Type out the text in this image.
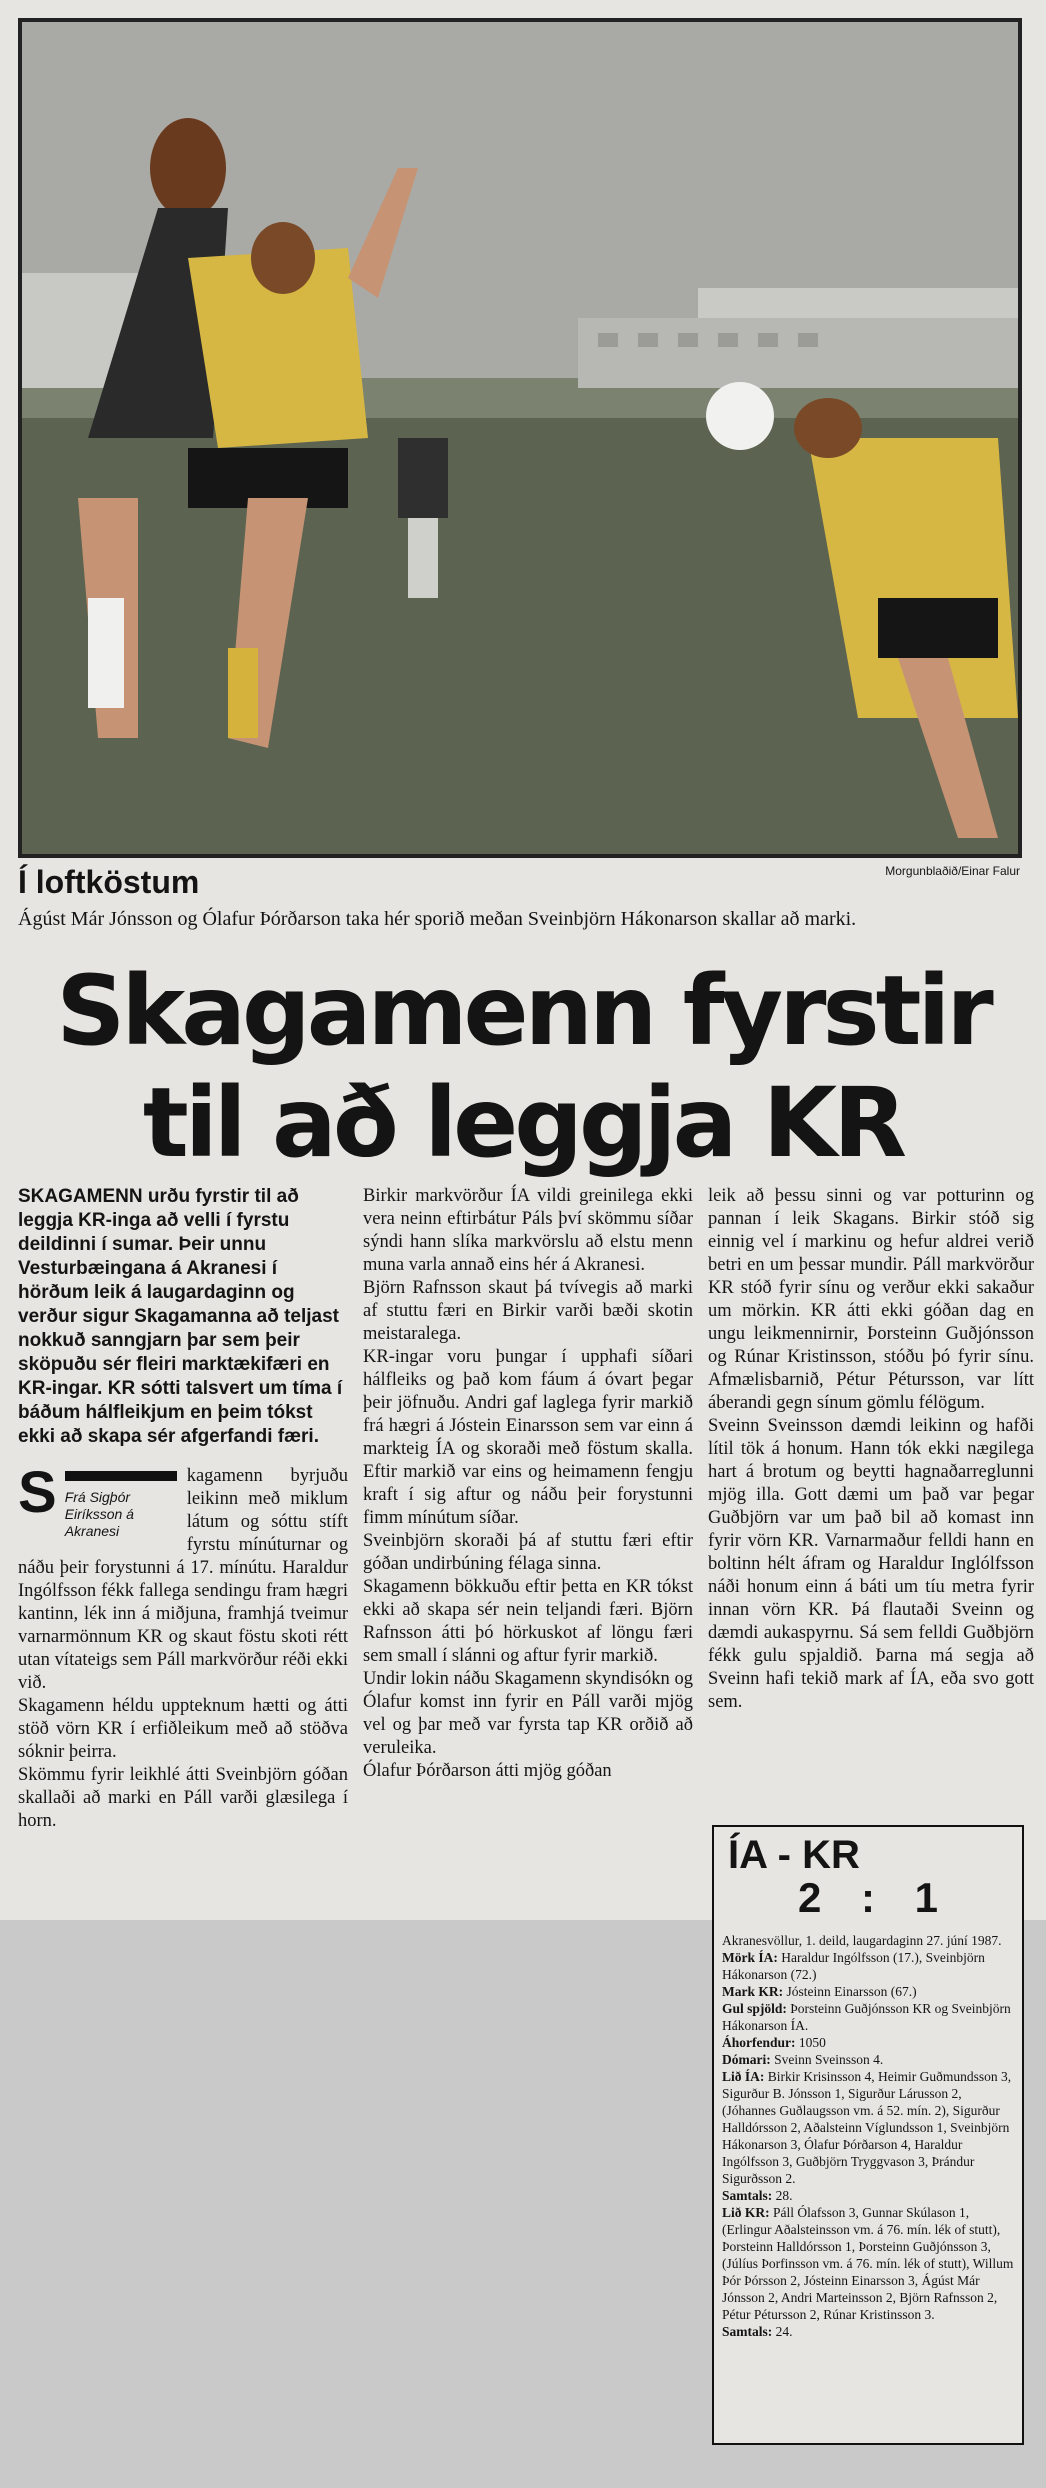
Í loftköstum	Morgunblaðið/Einar Falur
Ágúst Már Jónsson og Ólafur Þórðarson taka hér sporið meðan Sveinbjörn Hákonarson skallar að marki.
Skagamenn fyrstir
til að leggja KR

SKAGAMENN urðu fyrstir til að leggja KR-inga að velli í fyrstu deildinni í sumar. Þeir unnu Vesturbæingana á Akranesi í hörðum leik á laugardaginn og verður sigur Skagamanna að teljast nokkuð sanngjarn þar sem þeir sköpuðu sér fleiri marktækifæri en KR-ingar. KR sótti talsvert um tíma í báðum hálfleikjum en þeim tókst ekki að skapa sér afgerfandi færi.

S Frá Sigþór Eiríksson á Akranesi
kagamenn byrjuðu leikinn með miklum látum og sóttu stíft fyrstu mínúturnar og náðu þeir forystunni á 17. mínútu. Haraldur Ingólfsson fékk fallega sendingu fram hægri kantinn, lék inn á miðjuna, framhjá tveimur varnarmönnum KR og skaut föstu skoti rétt utan vítateigs sem Páll markvörður réði ekki við.

Skagamenn héldu uppteknum hætti og átti stöð vörn KR í erfiðleikum með að stöðva sóknir þeirra.

Skömmu fyrir leikhlé átti Sveinbjörn góðan skallaði að marki en Páll varði glæsilega í horn.

Birkir markvörður ÍA vildi greinilega ekki vera neinn eftirbátur Páls því skömmu síðar sýndi hann slíka markvörslu að elstu menn muna varla annað eins hér á Akranesi.

Björn Rafnsson skaut þá tvívegis að marki af stuttu færi en Birkir varði bæði skotin meistaralega.

KR-ingar voru þungar í upphafi síðari hálfleiks og það kom fáum á óvart þegar þeir jöfnuðu. Andri gaf laglega fyrir markið frá hægri á Jóstein Einarsson sem var einn á markteig ÍA og skoraði með föstum skalla. Eftir markið var eins og heimamenn fengju kraft í sig aftur og náðu þeir forystunni fimm mínútum síðar.

Sveinbjörn skoraði þá af stuttu færi eftir góðan undirbúning félaga sinna.

Skagamenn bökkuðu eftir þetta en KR tókst ekki að skapa sér nein teljandi færi. Björn Rafnsson átti þó hörkuskot af löngu færi sem small í slánni og aftur fyrir markið.

Undir lokin náðu Skagamenn skyndisókn og Ólafur komst inn fyrir en Páll varði mjög vel og þar með var fyrsta tap KR orðið að veruleika.

Ólafur Þórðarson átti mjög góðan

leik að þessu sinni og var potturinn og pannan í leik Skagans. Birkir stóð sig einnig vel í markinu og hefur aldrei verið betri en um þessar mundir. Páll markvörður KR stóð fyrir sínu og verður ekki sakaður um mörkin. KR átti ekki góðan dag en ungu leikmennirnir, Þorsteinn Guðjónsson og Rúnar Kristinsson, stóðu þó fyrir sínu. Afmælisbarnið, Pétur Pétursson, var lítt áberandi gegn sínum gömlu félögum.

Sveinn Sveinsson dæmdi leikinn og hafði lítil tök á honum. Hann tók ekki nægilega hart á brotum og beytti hagnaðarreglunni mjög illa. Gott dæmi um það var þegar Guðbjörn var um það bil að komast inn fyrir vörn KR. Varnarmaður felldi hann en boltinn hélt áfram og Haraldur Inglólfsson náði honum einn á báti um tíu metra fyrir innan vörn KR. Þá flautaði Sveinn og dæmdi aukaspyrnu. Sá sem felldi Guðbjörn fékk gulu spjaldið. Þarna má segja að Sveinn hafi tekið mark af ÍA, eða svo gott sem.

ÍA - KR
2 : 1

Akranesvöllur, 1. deild, laugardaginn 27. júní 1987.

Mörk ÍA: Haraldur Ingólfsson (17.), Sveinbjörn Hákonarson (72.)

Mark KR: Jósteinn Einarsson (67.)

Gul spjöld: Þorsteinn Guðjónsson KR og Sveinbjörn Hákonarson ÍA.

Áhorfendur: 1050

Dómari: Sveinn Sveinsson 4.

Lið ÍA: Birkir Krisinsson 4, Heimir Guðmundsson 3, Sigurður B. Jónsson 1, Sigurður Lárusson 2, (Jóhannes Guðlaugsson vm. á 52. mín. 2), Sigurður Halldórsson 2, Aðalsteinn Víglundsson 1, Sveinbjörn Hákonarson 3, Ólafur Þórðarson 4, Haraldur Ingólfsson 3, Guðbjörn Tryggvason 3, Þrándur Sigurðsson 2.

Samtals: 28.

Lið KR: Páll Ólafsson 3, Gunnar Skúlason 1, (Erlingur Aðalsteinsson vm. á 76. mín. lék of stutt), Þorsteinn Halldórsson 1, Þorsteinn Guðjónsson 3, (Júlíus Þorfinsson vm. á 76. mín. lék of stutt), Willum Þór Þórsson 2, Jósteinn Einarsson 3, Ágúst Már Jónsson 2, Andri Marteinsson 2, Björn Rafnsson 2, Pétur Pétursson 2, Rúnar Kristinsson 3.

Samtals: 24.
